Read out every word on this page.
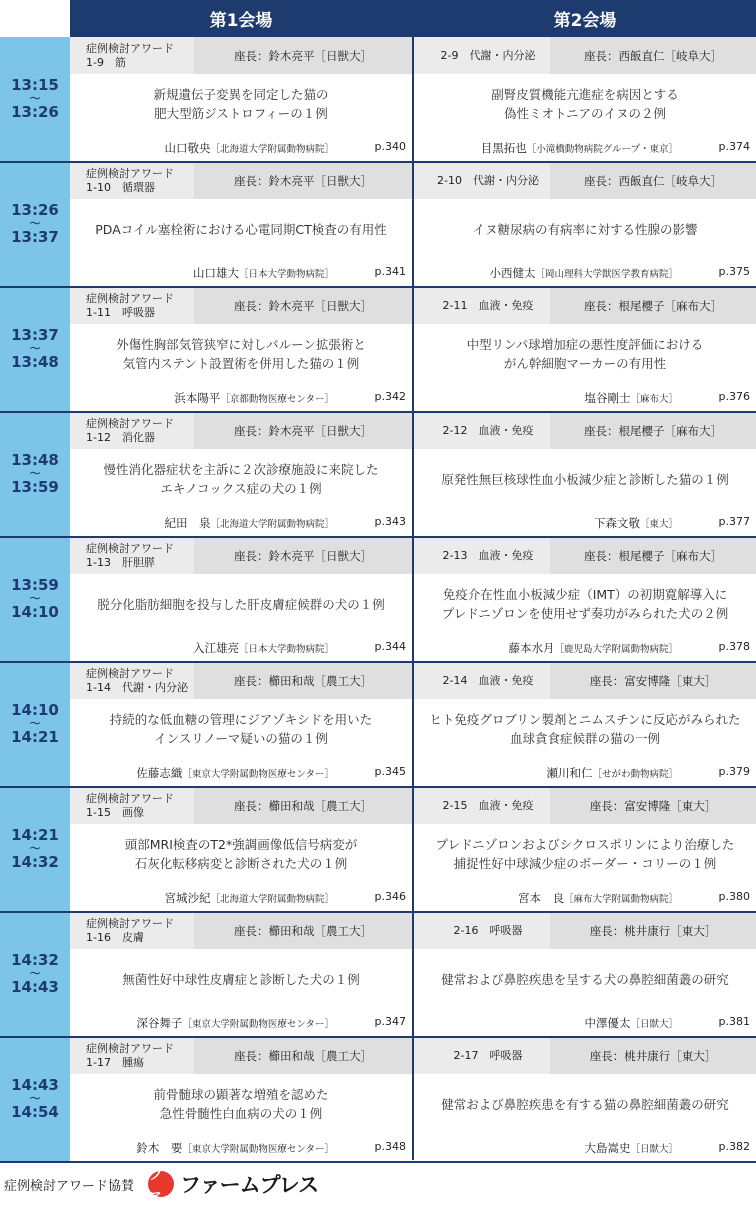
第1会場	第2会場
13:15
〜
13:26
症例検討アワード
1-9　筋	座長：鈴木亮平［日獣大］
新規遺伝子変異を同定した猫の
肥大型筋ジストロフィーの１例
山口敬央［北海道大学附属動物病院］	p.340
2-9　代謝・内分泌	座長：西飯直仁［岐阜大］
副腎皮質機能亢進症を病因とする
偽性ミオトニアのイヌの２例
目黒拓也［小滝橋動物病院グループ・東京］	p.374
13:26
〜
13:37
症例検討アワード
1-10　循環器	座長：鈴木亮平［日獣大］
PDAコイル塞栓術における心電同期CT検査の有用性
山口雄大［日本大学動物病院］	p.341
2-10　代謝・内分泌	座長：西飯直仁［岐阜大］
イヌ糖尿病の有病率に対する性腺の影響
小西健太［岡山理科大学獣医学教育病院］	p.375
13:37
〜
13:48
症例検討アワード
1-11　呼吸器	座長：鈴木亮平［日獣大］
外傷性胸部気管狭窄に対しバルーン拡張術と
気管内ステント設置術を併用した猫の１例
浜本陽平［京都動物医療センター］	p.342
2-11　血液・免疫	座長：根尾櫻子［麻布大］
中型リンパ球増加症の悪性度評価における
がん幹細胞マーカーの有用性
塩谷剛士［麻布大］	p.376
13:48
〜
13:59
症例検討アワード
1-12　消化器	座長：鈴木亮平［日獣大］
慢性消化器症状を主訴に２次診療施設に来院した
エキノコックス症の犬の１例
紀田　泉［北海道大学附属動物病院］	p.343
2-12　血液・免疫	座長：根尾櫻子［麻布大］
原発性無巨核球性血小板減少症と診断した猫の１例
下森文敬［東大］	p.377
13:59
〜
14:10
症例検討アワード
1-13　肝胆膵	座長：鈴木亮平［日獣大］
脱分化脂肪細胞を投与した肝皮膚症候群の犬の１例
入江雄亮［日本大学動物病院］	p.344
2-13　血液・免疫	座長：根尾櫻子［麻布大］
免疫介在性血小板減少症（IMT）の初期寛解導入に
プレドニゾロンを使用せず奏功がみられた犬の２例
藤本水月［鹿児島大学附属動物病院］	p.378
14:10
〜
14:21
症例検討アワード
1-14　代謝・内分泌	座長：櫛田和哉［農工大］
持続的な低血糖の管理にジアゾキシドを用いた
インスリノーマ疑いの猫の１例
佐藤志織［東京大学附属動物医療センター］	p.345
2-14　血液・免疫	座長：富安博隆［東大］
ヒト免疫グロブリン製剤とニムスチンに反応がみられた
血球貪食症候群の猫の一例
瀬川和仁［せがわ動物病院］	p.379
14:21
〜
14:32
症例検討アワード
1-15　画像	座長：櫛田和哉［農工大］
頭部MRI検査のT2*強調画像低信号病変が
石灰化転移病変と診断された犬の１例
宮城沙紀［北海道大学附属動物病院］	p.346
2-15　血液・免疫	座長：富安博隆［東大］
プレドニゾロンおよびシクロスポリンにより治療した
捕捉性好中球減少症のボーダー・コリーの１例
宮本　良［麻布大学附属動物病院］	p.380
14:32
〜
14:43
症例検討アワード
1-16　皮膚	座長：櫛田和哉［農工大］
無菌性好中球性皮膚症と診断した犬の１例
深谷舞子［東京大学附属動物医療センター］	p.347
2-16　呼吸器	座長：桃井康行［東大］
健常および鼻腔疾患を呈する犬の鼻腔細菌叢の研究
中澤優太［日獣大］	p.381
14:43
〜
14:54
症例検討アワード
1-17　腫瘍	座長：櫛田和哉［農工大］
前骨髄球の顕著な増殖を認めた
急性骨髄性白血病の犬の１例
鈴木　要［東京大学附属動物医療センター］	p.348
2-17　呼吸器	座長：桃井康行［東大］
健常および鼻腔疾患を有する猫の鼻腔細菌叢の研究
大島嵩史［日獣大］	p.382
症例検討アワード協賛
ファ ファームプレス
